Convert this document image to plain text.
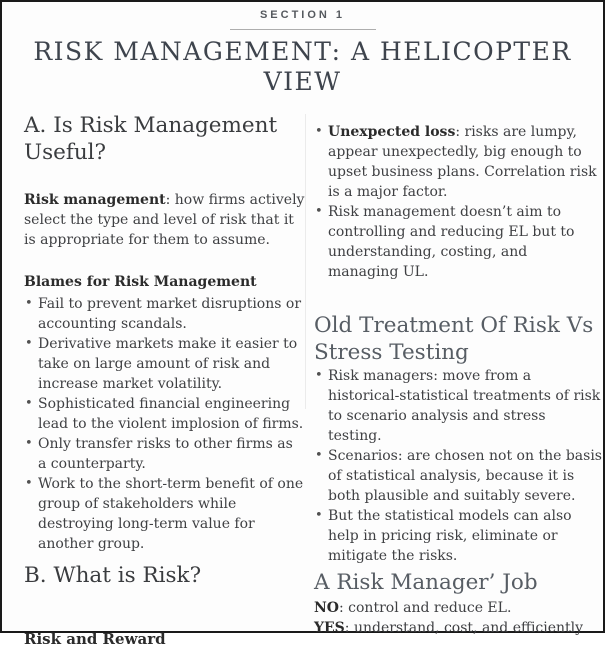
SECTION 1
RISK MANAGEMENT: A HELICOPTER
VIEW
A. Is Risk Management Useful?

Risk management: how firms actively select the type and level of risk that it is appropriate for them to assume.

Blames for Risk Management
• Fail to prevent market disruptions or accounting scandals.
• Derivative markets make it easier to take on large amount of risk and increase market volatility.
• Sophisticated financial engineering lead to the violent implosion of firms.
• Only transfer risks to other firms as a counterparty.
• Work to the short-term benefit of one group of stakeholders while destroying long-term value for another group.
B. What is Risk?
Risk and Reward
• Unexpected loss: risks are lumpy, appear unexpectedly, big enough to upset business plans. Correlation risk is a major factor.
• Risk management doesn’t aim to controlling and reducing EL but to understanding, costing, and managing UL.
Old Treatment Of Risk Vs Stress Testing
• Risk managers: move from a historical-statistical treatments of risk to scenario analysis and stress testing.
• Scenarios: are chosen not on the basis of statistical analysis, because it is both plausible and suitably severe.
• But the statistical models can also help in pricing risk, eliminate or mitigate the risks.
A Risk Manager’ Job

NO: control and reduce EL.

YES: understand, cost, and efficiently
